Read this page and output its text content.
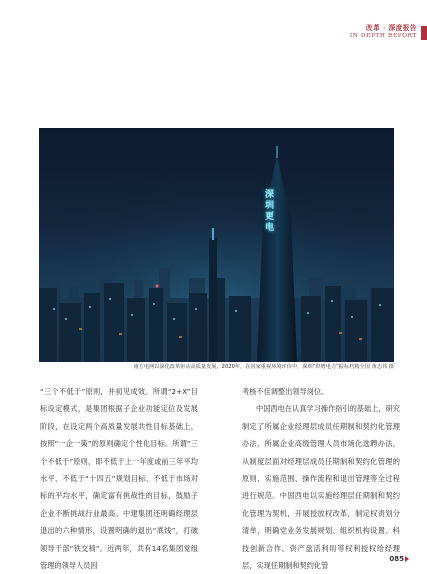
改革 · 深度报告
IN DEPTH REPORT
深圳更电
南方电网以深化改革驱动高质量发展。2020年，在国家重视环境评价中，深圳“供增电力”振标档精全国 黄志伟 摄

“三个不低于”原则，并初见成效。所谓“2+X”目标设定模式，是集团根据子企业功能定位及发展阶段，在设定两个高质量发展共性目标基础上，按照“一企一策”的原则确定个性化目标。所谓“三个不低于”原则，即不低于上一年度或前三年平均水平、不低于“十四五”规划目标、不低于市场对标的平均水平，确定富有挑战性的目标，鼓励子企业不断挑战行业最高。中建集团还明确经理层退出的六种情形，设置明确的退出“底线”，打破领导干部“铁交椅”。近两年，共有14名集团党组管理的领导人员因

考核不佳调整出领导岗位。

中国西电在认真学习操作指引的基础上，研究制定了所属企业经理层成员任期制和契约化管理办法、所属企业高级管理人员市场化选聘办法，从制度层面对经理层成员任期制和契约化管理的原则、实施范围、操作流程和退出管理等全过程进行规范。中国西电以实施经理层任期制和契约化管理为契机，开展授放权改革，制定权责划分清单，明确党业务发展规划、组织机构设置、科技创新合作、资产盘活利用等权利授权给经理层，实现任期制和契约化管

085
